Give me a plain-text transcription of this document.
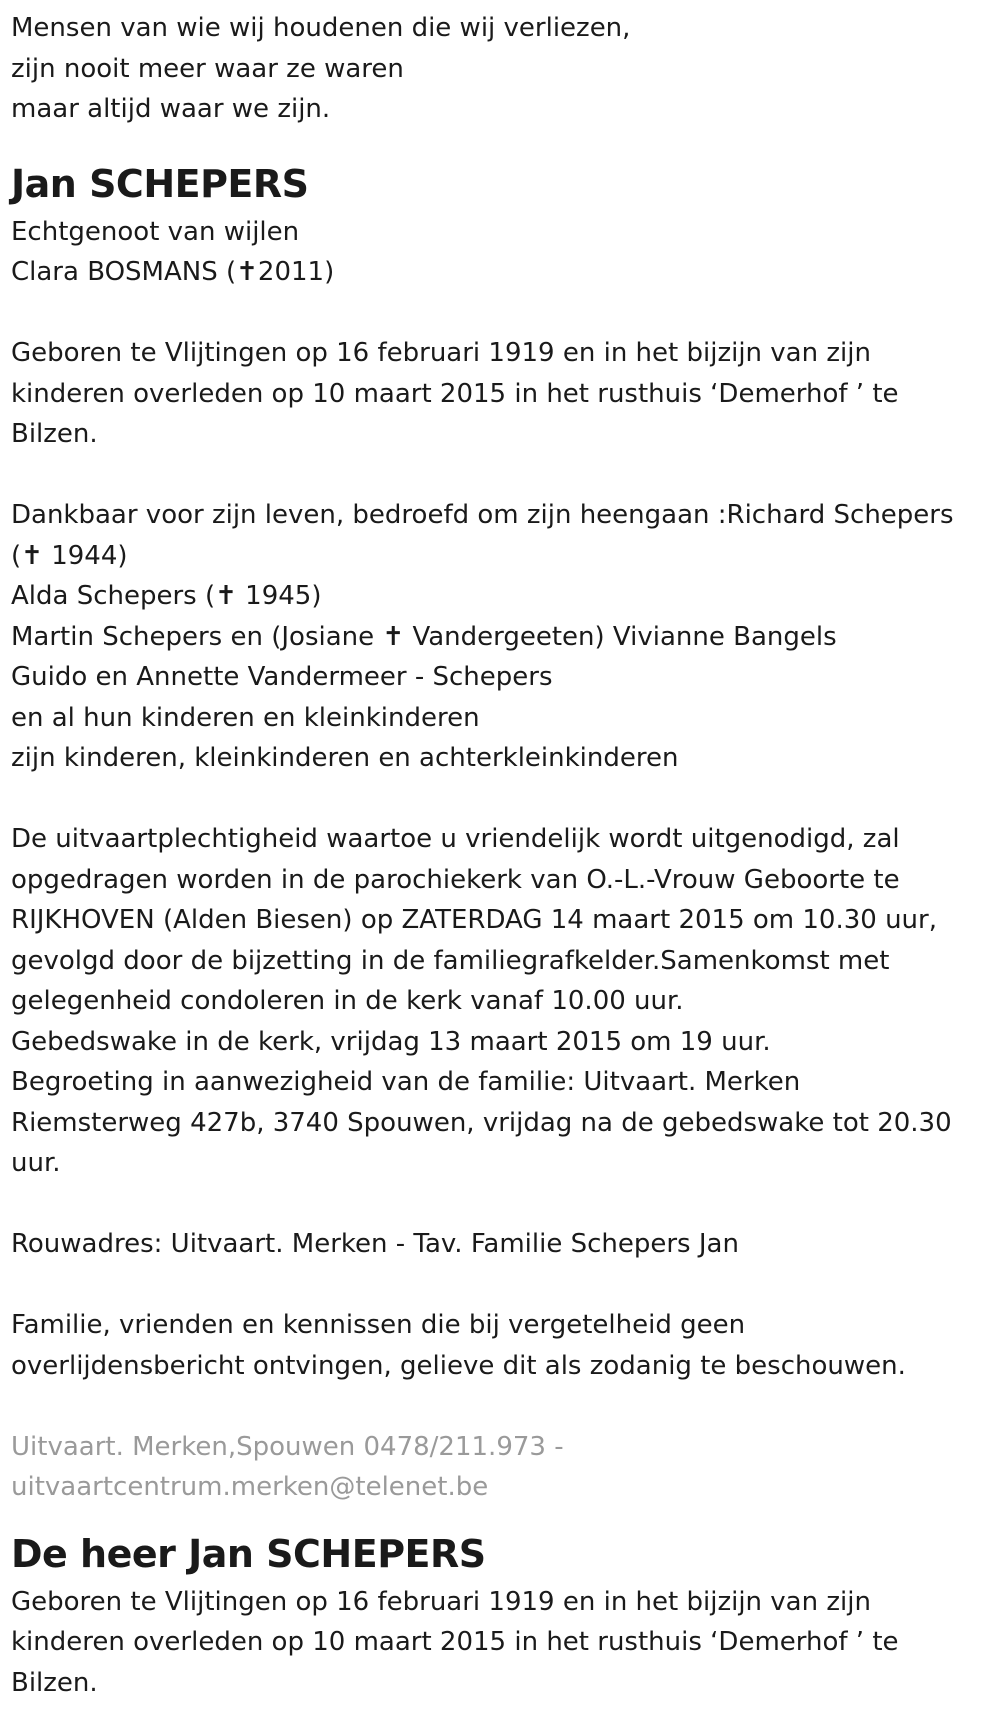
Mensen van wie wij houdenen die wij verliezen,
zijn nooit meer waar ze waren
maar altijd waar we zijn.
Jan SCHEPERS
Echtgenoot van wijlen
Clara BOSMANS (✝2011)
Geboren te Vlijtingen op 16 februari 1919 en in het bijzijn van zijn
kinderen overleden op 10 maart 2015 in het rusthuis ‘Demerhof ’ te
Bilzen.
Dankbaar voor zijn leven, bedroefd om zijn heengaan :Richard Schepers
(✝ 1944)
Alda Schepers (✝ 1945)
Martin Schepers en (Josiane ✝ Vandergeeten) Vivianne Bangels
Guido en Annette Vandermeer - Schepers
en al hun kinderen en kleinkinderen
zijn kinderen, kleinkinderen en achterkleinkinderen
De uitvaartplechtigheid waartoe u vriendelijk wordt uitgenodigd, zal
opgedragen worden in de parochiekerk van O.-L.-Vrouw Geboorte te
RIJKHOVEN (Alden Biesen) op ZATERDAG 14 maart 2015 om 10.30 uur,
gevolgd door de bijzetting in de familiegrafkelder.Samenkomst met
gelegenheid condoleren in de kerk vanaf 10.00 uur.
Gebedswake in de kerk, vrijdag 13 maart 2015 om 19 uur.
Begroeting in aanwezigheid van de familie: Uitvaart. Merken
Riemsterweg 427b, 3740 Spouwen, vrijdag na de gebedswake tot 20.30
uur.
Rouwadres: Uitvaart. Merken - Tav. Familie Schepers Jan
Familie, vrienden en kennissen die bij vergetelheid geen
overlijdensbericht ontvingen, gelieve dit als zodanig te beschouwen.
Uitvaart. Merken,Spouwen 0478/211.973 -
uitvaartcentrum.merken@telenet.be
De heer Jan SCHEPERS
Geboren te Vlijtingen op 16 februari 1919 en in het bijzijn van zijn
kinderen overleden op 10 maart 2015 in het rusthuis ‘Demerhof ’ te
Bilzen.
